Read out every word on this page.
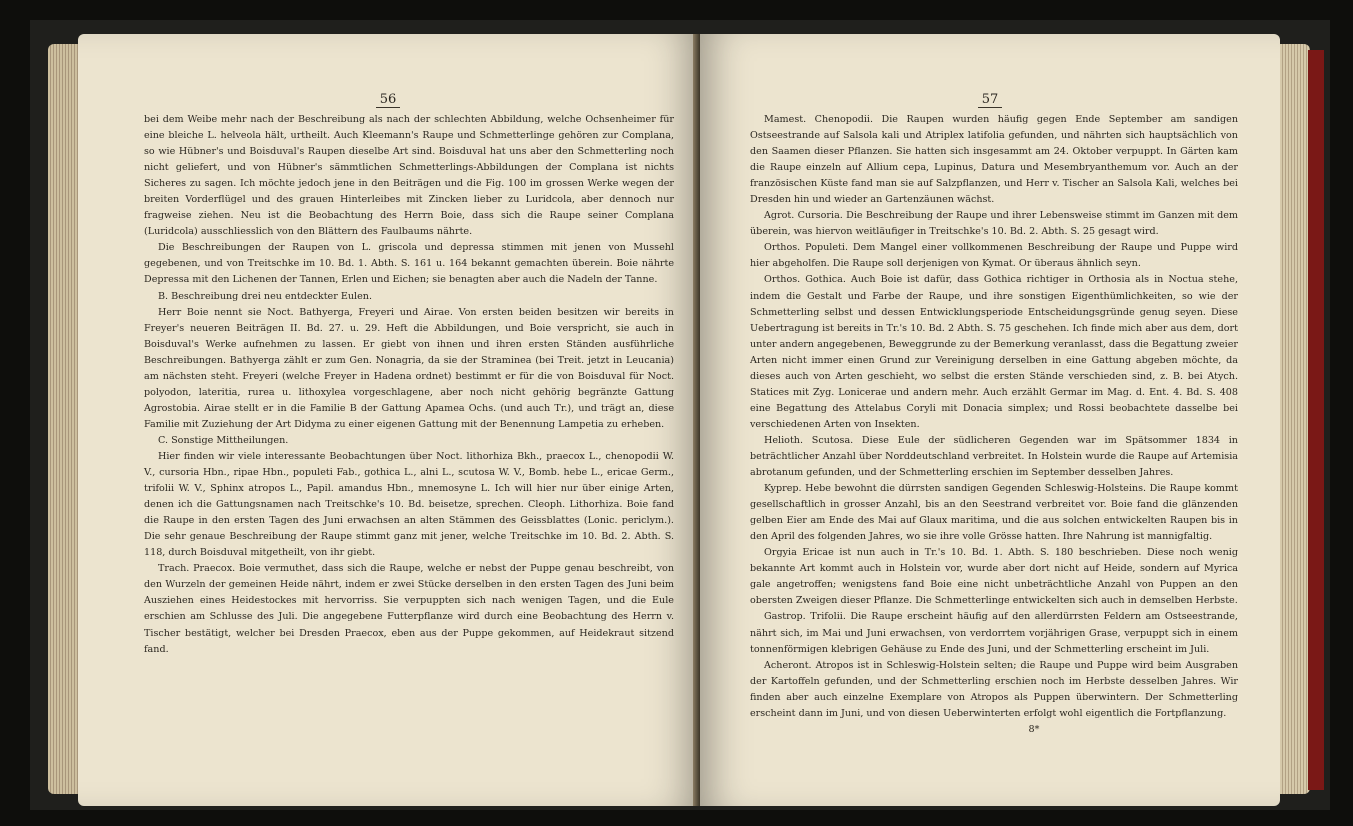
56

bei dem Weibe mehr nach der Beschreibung als nach der schlechten Abbildung, welche Ochsenheimer für eine bleiche L. helveola hält, urtheilt. Auch Kleemann's Raupe und Schmetterlinge gehören zur Complana, so wie Hübner's und Boisduval's Raupen dieselbe Art sind. Boisduval hat uns aber den Schmetterling noch nicht geliefert, und von Hübner's sämmtlichen Schmetterlings-Abbildungen der Complana ist nichts Sicheres zu sagen. Ich möchte jedoch jene in den Beiträgen und die Fig. 100 im grossen Werke wegen der breiten Vorderflügel und des grauen Hinterleibes mit Zincken lieber zu Luridcola, aber dennoch nur fragweise ziehen. Neu ist die Beobachtung des Herrn Boie, dass sich die Raupe seiner Complana (Luridcola) ausschliesslich von den Blättern des Faulbaums nährte.

Die Beschreibungen der Raupen von L. griscola und depressa stimmen mit jenen von Mussehl gegebenen, und von Treitschke im 10. Bd. 1. Abth. S. 161 u. 164 bekannt gemachten überein. Boie nährte Depressa mit den Lichenen der Tannen, Erlen und Eichen; sie benagten aber auch die Nadeln der Tanne.

B. Beschreibung drei neu entdeckter Eulen.

Herr Boie nennt sie Noct. Bathyerga, Freyeri und Airae. Von ersten beiden besitzen wir bereits in Freyer's neueren Beiträgen II. Bd. 27. u. 29. Heft die Abbildungen, und Boie verspricht, sie auch in Boisduval's Werke aufnehmen zu lassen. Er giebt von ihnen und ihren ersten Ständen ausführliche Beschreibungen. Bathyerga zählt er zum Gen. Nonagria, da sie der Straminea (bei Treit. jetzt in Leucania) am nächsten steht. Freyeri (welche Freyer in Hadena ordnet) bestimmt er für die von Boisduval für Noct. polyodon, lateritia, rurea u. lithoxylea vorgeschlagene, aber noch nicht gehörig begränzte Gattung Agrostobia. Airae stellt er in die Familie B der Gattung Apamea Ochs. (und auch Tr.), und trägt an, diese Familie mit Zuziehung der Art Didyma zu einer eigenen Gattung mit der Benennung Lampetia zu erheben.

C. Sonstige Mittheilungen.

Hier finden wir viele interessante Beobachtungen über Noct. lithorhiza Bkh., praecox L., chenopodii W. V., cursoria Hbn., ripae Hbn., populeti Fab., gothica L., alni L., scutosa W. V., Bomb. hebe L., ericae Germ., trifolii W. V., Sphinx atropos L., Papil. amandus Hbn., mnemosyne L. Ich will hier nur über einige Arten, denen ich die Gattungsnamen nach Treitschke's 10. Bd. beisetze, sprechen. Cleoph. Lithorhiza. Boie fand die Raupe in den ersten Tagen des Juni erwachsen an alten Stämmen des Geissblattes (Lonic. periclym.). Die sehr genaue Beschreibung der Raupe stimmt ganz mit jener, welche Treitschke im 10. Bd. 2. Abth. S. 118, durch Boisduval mitgetheilt, von ihr giebt.

Trach. Praecox. Boie vermuthet, dass sich die Raupe, welche er nebst der Puppe genau beschreibt, von den Wurzeln der gemeinen Heide nährt, indem er zwei Stücke derselben in den ersten Tagen des Juni beim Ausziehen eines Heidestockes mit hervorriss. Sie verpuppten sich nach wenigen Tagen, und die Eule erschien am Schlusse des Juli. Die angegebene Futterpflanze wird durch eine Beobachtung des Herrn v. Tischer bestätigt, welcher bei Dresden Praecox, eben aus der Puppe gekommen, auf Heidekraut sitzend fand.

57

Mamest. Chenopodii. Die Raupen wurden häufig gegen Ende September am sandigen Ostseestrande auf Salsola kali und Atriplex latifolia gefunden, und nährten sich hauptsächlich von den Saamen dieser Pflanzen. Sie hatten sich insgesammt am 24. Oktober verpuppt. In Gärten kam die Raupe einzeln auf Allium cepa, Lupinus, Datura und Mesembryanthemum vor. Auch an der französischen Küste fand man sie auf Salzpflanzen, und Herr v. Tischer an Salsola Kali, welches bei Dresden hin und wieder an Gartenzäunen wächst.

Agrot. Cursoria. Die Beschreibung der Raupe und ihrer Lebensweise stimmt im Ganzen mit dem überein, was hiervon weitläufiger in Treitschke's 10. Bd. 2. Abth. S. 25 gesagt wird.

Orthos. Populeti. Dem Mangel einer vollkommenen Beschreibung der Raupe und Puppe wird hier abgeholfen. Die Raupe soll derjenigen von Kymat. Or überaus ähnlich seyn.

Orthos. Gothica. Auch Boie ist dafür, dass Gothica richtiger in Orthosia als in Noctua stehe, indem die Gestalt und Farbe der Raupe, und ihre sonstigen Eigenthümlichkeiten, so wie der Schmetterling selbst und dessen Entwicklungsperiode Entscheidungsgründe genug seyen. Diese Uebertragung ist bereits in Tr.'s 10. Bd. 2 Abth. S. 75 geschehen. Ich finde mich aber aus dem, dort unter andern angegebenen, Beweggrunde zu der Bemerkung veranlasst, dass die Begattung zweier Arten nicht immer einen Grund zur Vereinigung derselben in eine Gattung abgeben möchte, da dieses auch von Arten geschieht, wo selbst die ersten Stände verschieden sind, z. B. bei Atych. Statices mit Zyg. Lonicerae und andern mehr. Auch erzählt Germar im Mag. d. Ent. 4. Bd. S. 408 eine Begattung des Attelabus Coryli mit Donacia simplex; und Rossi beobachtete dasselbe bei verschiedenen Arten von Insekten.

Helioth. Scutosa. Diese Eule der südlicheren Gegenden war im Spätsommer 1834 in beträchtlicher Anzahl über Norddeutschland verbreitet. In Holstein wurde die Raupe auf Artemisia abrotanum gefunden, und der Schmetterling erschien im September desselben Jahres.

Kyprep. Hebe bewohnt die dürrsten sandigen Gegenden Schleswig-Holsteins. Die Raupe kommt gesellschaftlich in grosser Anzahl, bis an den Seestrand verbreitet vor. Boie fand die glänzenden gelben Eier am Ende des Mai auf Glaux maritima, und die aus solchen entwickelten Raupen bis in den April des folgenden Jahres, wo sie ihre volle Grösse hatten. Ihre Nahrung ist mannigfaltig.

Orgyia Ericae ist nun auch in Tr.'s 10. Bd. 1. Abth. S. 180 beschrieben. Diese noch wenig bekannte Art kommt auch in Holstein vor, wurde aber dort nicht auf Heide, sondern auf Myrica gale angetroffen; wenigstens fand Boie eine nicht unbeträchtliche Anzahl von Puppen an den obersten Zweigen dieser Pflanze. Die Schmetterlinge entwickelten sich auch in demselben Herbste.

Gastrop. Trifolii. Die Raupe erscheint häufig auf den allerdürrsten Feldern am Ostseestrande, nährt sich, im Mai und Juni erwachsen, von verdorrtem vorjährigen Grase, verpuppt sich in einem tonnenförmigen klebrigen Gehäuse zu Ende des Juni, und der Schmetterling erscheint im Juli.

Acheront. Atropos ist in Schleswig-Holstein selten; die Raupe und Puppe wird beim Ausgraben der Kartoffeln gefunden, und der Schmetterling erschien noch im Herbste desselben Jahres. Wir finden aber auch einzelne Exemplare von Atropos als Puppen überwintern. Der Schmetterling erscheint dann im Juni, und von diesen Ueberwinterten erfolgt wohl eigentlich die Fortpflanzung.

8*
